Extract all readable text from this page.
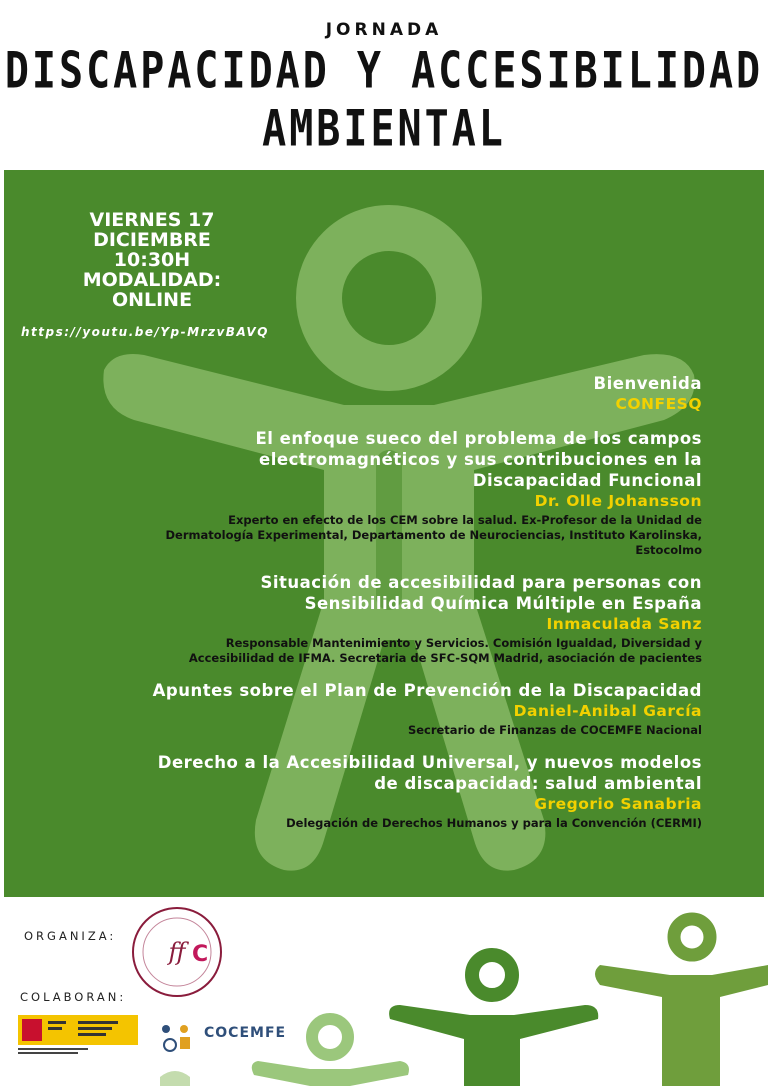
JORNADA
DISCAPACIDAD Y ACCESIBILIDAD
AMBIENTAL
VIERNES 17
DICIEMBRE
10:30H
MODALIDAD:
ONLINE
https://youtu.be/Yp-MrzvBAVQ
Bienvenida
CONFESQ
El enfoque sueco del problema de los campos electromagnéticos y sus contribuciones en la Discapacidad Funcional
Dr. Olle Johansson
Experto en efecto de los CEM sobre la salud. Ex-Profesor de la Unidad de Dermatología Experimental, Departamento de Neurociencias, Instituto Karolinska, Estocolmo
Situación de accesibilidad para personas con Sensibilidad Química Múltiple en España
Inmaculada Sanz
Responsable Mantenimiento y Servicios. Comisión Igualdad, Diversidad y Accesibilidad de IFMA. Secretaria de SFC-SQM Madrid, asociación de pacientes
Apuntes sobre el Plan de Prevención de la Discapacidad
Daniel-Anibal García
Secretario de Finanzas de COCEMFE Nacional
Derecho a la Accesibilidad Universal, y nuevos modelos de discapacidad: salud ambiental
Gregorio Sanabria
Delegación de Derechos Humanos y para la Convención (CERMI)
ORGANIZA:
ff C
COLABORAN:
COCEMFE
